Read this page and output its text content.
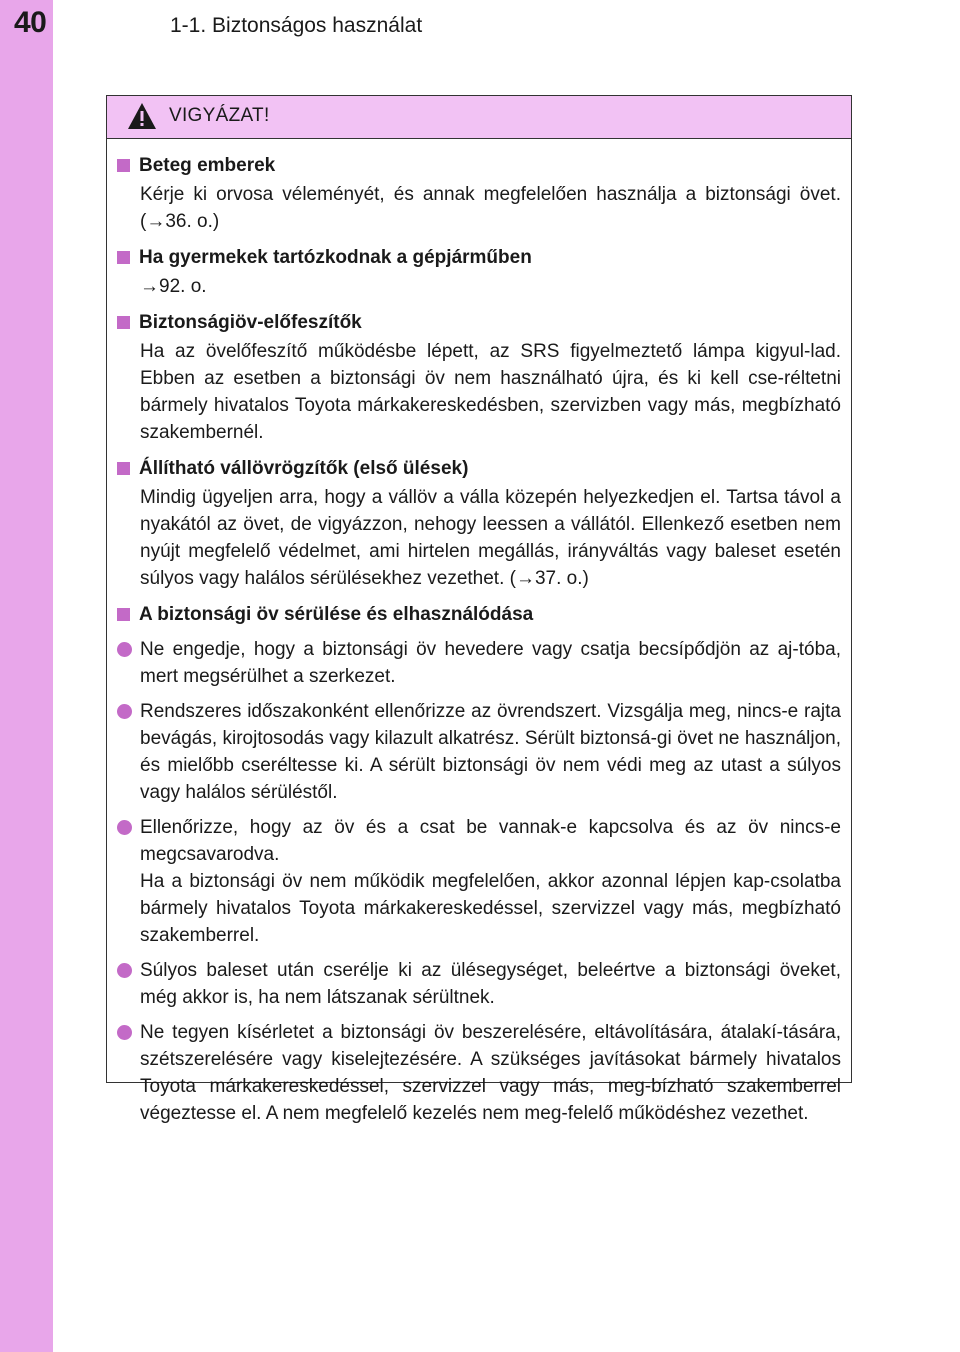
40	1-1. Biztonságos használat
VIGYÁZAT!
Beteg emberek
Kérje ki orvosa véleményét, és annak megfelelően használja a biztonsági övet. (→36. o.)
Ha gyermekek tartózkodnak a gépjárműben
→92. o.
Biztonságiöv-előfeszítők
Ha az övelőfeszítő működésbe lépett, az SRS figyelmeztető lámpa kigyul-lad. Ebben az esetben a biztonsági öv nem használható újra, és ki kell cse-réltetni bármely hivatalos Toyota márkakereskedésben, szervizben vagy más, megbízható szakembernél.
Állítható vállövrögzítők (első ülések)
Mindig ügyeljen arra, hogy a vállöv a válla közepén helyezkedjen el. Tartsa távol a nyakától az övet, de vigyázzon, nehogy leessen a vállától. Ellenkező esetben nem nyújt megfelelő védelmet, ami hirtelen megállás, irányváltás vagy baleset esetén súlyos vagy halálos sérülésekhez vezethet. (→37. o.)
A biztonsági öv sérülése és elhasználódása

Ne engedje, hogy a biztonsági öv hevedere vagy csatja becsípődjön az aj-tóba, mert megsérülhet a szerkezet.

Rendszeres időszakonként ellenőrizze az övrendszert. Vizsgálja meg, nincs-e rajta bevágás, kirojtosodás vagy kilazult alkatrész. Sérült biztonsá-gi övet ne használjon, és mielőbb cseréltesse ki. A sérült biztonsági öv nem védi meg az utast a súlyos vagy halálos sérüléstől.

Ellenőrizze, hogy az öv és a csat be vannak-e kapcsolva és az öv nincs-e megcsavarodva.

Ha a biztonsági öv nem működik megfelelően, akkor azonnal lépjen kap-csolatba bármely hivatalos Toyota márkakereskedéssel, szervizzel vagy más, megbízható szakemberrel.

Súlyos baleset után cserélje ki az ülésegységet, beleértve a biztonsági öveket, még akkor is, ha nem látszanak sérültnek.

Ne tegyen kísérletet a biztonsági öv beszerelésére, eltávolítására, átalakí-tására, szétszerelésére vagy kiselejtezésére. A szükséges javításokat bármely hivatalos Toyota márkakereskedéssel, szervizzel vagy más, meg-bízható szakemberrel végeztesse el. A nem megfelelő kezelés nem meg-felelő működéshez vezethet.
